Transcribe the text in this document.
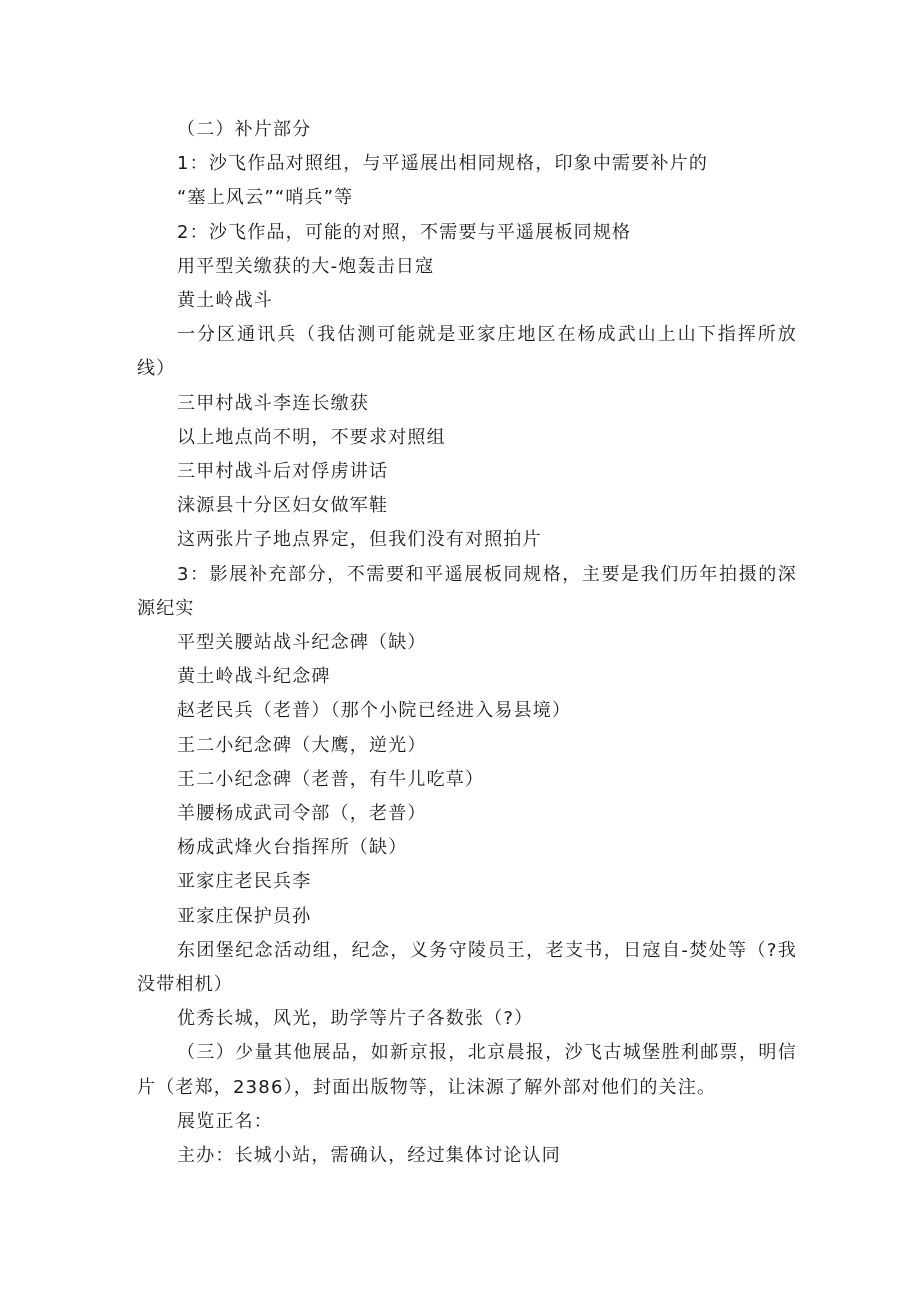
（二）补片部分

1：沙飞作品对照组，与平遥展出相同规格，印象中需要补片的

“塞上风云”“哨兵”等

2：沙飞作品，可能的对照，不需要与平遥展板同规格

用平型关缴获的大-炮轰击日寇

黄土岭战斗

一分区通讯兵（我估测可能就是亚家庄地区在杨成武山上山下指挥所放线）

三甲村战斗李连长缴获

以上地点尚不明，不要求对照组

三甲村战斗后对俘虏讲话

涞源县十分区妇女做军鞋

这两张片子地点界定，但我们没有对照拍片

3：影展补充部分，不需要和平遥展板同规格，主要是我们历年拍摄的深源纪实

平型关腰站战斗纪念碑（缺）

黄土岭战斗纪念碑

赵老民兵（老普）（那个小院已经进入易县境）

王二小纪念碑（大鹰，逆光）

王二小纪念碑（老普，有牛儿吃草）

羊腰杨成武司令部（，老普）

杨成武烽火台指挥所（缺）

亚家庄老民兵李

亚家庄保护员孙

东团堡纪念活动组，纪念，义务守陵员王，老支书，日寇自-焚处等（?我没带相机）

优秀长城，风光，助学等片子各数张（?）

（三）少量其他展品，如新京报，北京晨报，沙飞古城堡胜利邮票，明信片（老郑，2386），封面出版物等，让沫源了解外部对他们的关注。

展览正名：

主办：长城小站，需确认，经过集体讨论认同
